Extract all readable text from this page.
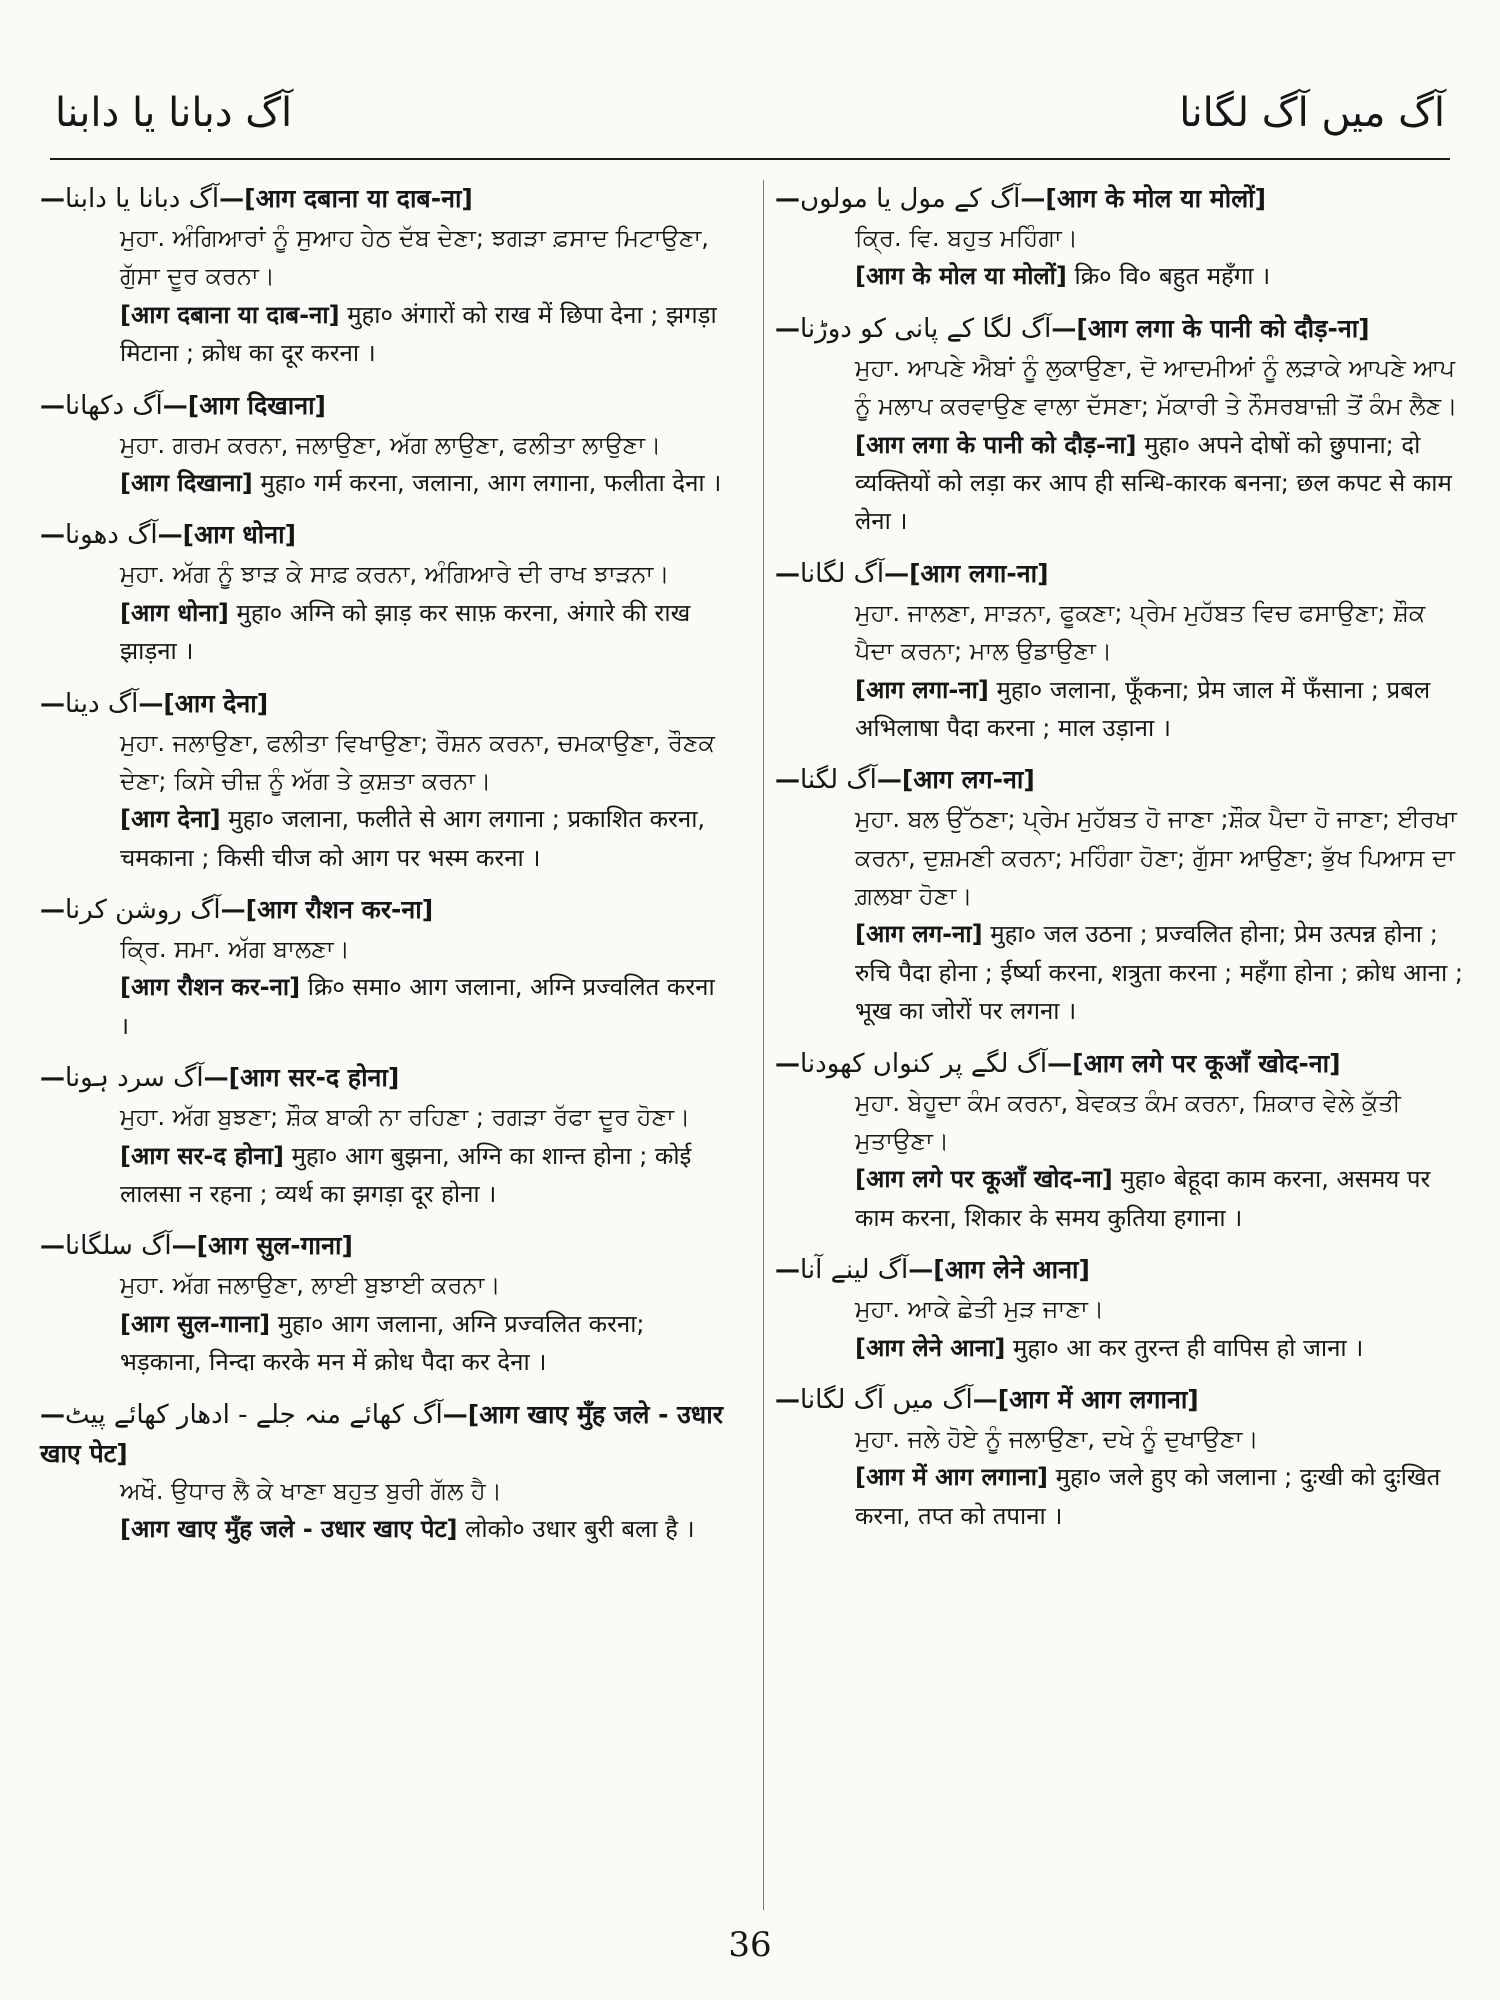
آگ دبانا یا دابنا	آگ میں آگ لگانا
—آگ دبانا یا دابنا—[आग दबाना या दाब-ना]
ਮੁਹਾ. ਅੰਗਿਆਰਾਂ ਨੂੰ ਸੁਆਹ ਹੇਠ ਦੱਬ ਦੇਣਾ; ਝਗੜਾ ਫ਼ਸਾਦ ਮਿਟਾਉਣਾ, ਗੁੱਸਾ ਦੂਰ ਕਰਨਾ।
[आग दबाना या दाब-ना] मुहा० अंगारों को राख में छिपा देना ; झगड़ा मिटाना ; क्रोध का दूर करना ।
—آگ دکھانا—[आग दिखाना]
ਮੁਹਾ. ਗਰਮ ਕਰਨਾ, ਜਲਾਉਣਾ, ਅੱਗ ਲਾਉਣਾ, ਫਲੀਤਾ ਲਾਉਣਾ।
[आग दिखाना] मुहा० गर्म करना, जलाना, आग लगाना, फलीता देना ।
—آگ دھونا—[आग धोना]
ਮੁਹਾ. ਅੱਗ ਨੂੰ ਝਾੜ ਕੇ ਸਾਫ਼ ਕਰਨਾ, ਅੰਗਿਆਰੇ ਦੀ ਰਾਖ ਝਾੜਨਾ।
[आग धोना] मुहा० अग्नि को झाड़ कर साफ़ करना, अंगारे की राख झाड़ना ।
—آگ دینا—[आग देना]
ਮੁਹਾ. ਜਲਾਉਣਾ, ਫਲੀਤਾ ਵਿਖਾਉਣਾ; ਰੌਸ਼ਨ ਕਰਨਾ, ਚਮਕਾਉਣਾ, ਰੌਣਕ ਦੇਣਾ; ਕਿਸੇ ਚੀਜ਼ ਨੂੰ ਅੱਗ ਤੇ ਕੁਸ਼ਤਾ ਕਰਨਾ।
[आग देना] मुहा० जलाना, फलीते से आग लगाना ; प्रकाशित करना, चमकाना ; किसी चीज को आग पर भस्म करना ।
—آگ روشن کرنا—[आग रौशन कर-ना]
ਕ੍ਰਿ. ਸਮਾ. ਅੱਗ ਬਾਲਣਾ।
[आग रौशन कर-ना] क्रि० समा० आग जलाना, अग्नि प्रज्वलित करना ।
—آگ سرد ہونا—[आग सर-द होना]
ਮੁਹਾ. ਅੱਗ ਬੁਝਣਾ; ਸ਼ੌਕ ਬਾਕੀ ਨਾ ਰਹਿਣਾ ; ਰਗੜਾ ਰੱਫਾ ਦੂਰ ਹੋਣਾ।
[आग सर-द होना] मुहा० आग बुझना, अग्नि का शान्त होना ; कोई लालसा न रहना ; व्यर्थ का झगड़ा दूर होना ।
—آگ سلگانا—[आग सुल-गाना]
ਮੁਹਾ. ਅੱਗ ਜਲਾਉਣਾ, ਲਾਈ ਬੁਝਾਈ ਕਰਨਾ।
[आग सुल-गाना] मुहा० आग जलाना, अग्नि प्रज्वलित करना; भड़काना, निन्दा करके मन में क्रोध पैदा कर देना ।
—آگ کھائے منہ جلے - ادھار کھائے پیٹ—[आग खाए मुँह जले - उधार खाए पेट]
ਅਖੌ. ਉਧਾਰ ਲੈ ਕੇ ਖਾਣਾ ਬਹੁਤ ਬੁਰੀ ਗੱਲ ਹੈ।
[आग खाए मुँह जले - उधार खाए पेट] लोको० उधार बुरी बला है ।
—آگ کے مول یا مولوں—[आग के मोल या मोलों]
ਕ੍ਰਿ. ਵਿ. ਬਹੁਤ ਮਹਿੰਗਾ।
[आग के मोल या मोलों] क्रि० वि० बहुत महँगा ।
—آگ لگا کے پانی کو دوڑنا—[आग लगा के पानी को दौड़-ना]
ਮੁਹਾ. ਆਪਣੇ ਐਬਾਂ ਨੂੰ ਲੁਕਾਉਣਾ, ਦੋ ਆਦਮੀਆਂ ਨੂੰ ਲੜਾਕੇ ਆਪਣੇ ਆਪ ਨੂੰ ਮਲਾਪ ਕਰਵਾਉਣ ਵਾਲਾ ਦੱਸਣਾ; ਮੱਕਾਰੀ ਤੇ ਨੌਸਰਬਾਜ਼ੀ ਤੋਂ ਕੰਮ ਲੈਣ।
[आग लगा के पानी को दौड़-ना] मुहा० अपने दोषों को छुपाना; दो व्यक्तियों को लड़ा कर आप ही सन्धि-कारक बनना; छल कपट से काम लेना ।
—آگ لگانا—[आग लगा-ना]
ਮੁਹਾ. ਜਾਲਣਾ, ਸਾੜਨਾ, ਫੂਕਣਾ; ਪ੍ਰੇਮ ਮੁਹੱਬਤ ਵਿਚ ਫਸਾਉਣਾ; ਸ਼ੌਕ ਪੈਦਾ ਕਰਨਾ; ਮਾਲ ਉਡਾਉਣਾ।
[आग लगा-ना] मुहा० जलाना, फूँकना; प्रेम जाल में फँसाना ; प्रबल अभिलाषा पैदा करना ; माल उड़ाना ।
—آگ لگنا—[आग लग-ना]
ਮੁਹਾ. ਬਲ ਉੱਠਣਾ; ਪ੍ਰੇਮ ਮੁਹੱਬਤ ਹੋ ਜਾਣਾ ;ਸ਼ੌਕ ਪੈਦਾ ਹੋ ਜਾਣਾ; ਈਰਖਾ ਕਰਨਾ, ਦੁਸ਼ਮਣੀ ਕਰਨਾ; ਮਹਿੰਗਾ ਹੋਣਾ; ਗੁੱਸਾ ਆਉਣਾ; ਭੁੱਖ ਪਿਆਸ ਦਾ ਗ਼ਲਬਾ ਹੋਣਾ।
[आग लग-ना] मुहा० जल उठना ; प्रज्वलित होना; प्रेम उत्पन्न होना ; रुचि पैदा होना ; ईर्ष्या करना, शत्रुता करना ; महँगा होना ; क्रोध आना ; भूख का जोरों पर लगना ।
—آگ لگے پر کنواں کھودنا—[आग लगे पर कूआँ खोद-ना]
ਮੁਹਾ. ਬੇਹੂਦਾ ਕੰਮ ਕਰਨਾ, ਬੇਵਕਤ ਕੰਮ ਕਰਨਾ, ਸ਼ਿਕਾਰ ਵੇਲੇ ਕੁੱਤੀ ਮੁਤਾਉਣਾ।
[आग लगे पर कूआँ खोद-ना] मुहा० बेहूदा काम करना, असमय पर काम करना, शिकार के समय कुतिया हगाना ।
—آگ لینے آنا—[आग लेने आना]
ਮੁਹਾ. ਆਕੇ ਛੇਤੀ ਮੁੜ ਜਾਣਾ।
[आग लेने आना] मुहा० आ कर तुरन्त ही वापिस हो जाना ।
—آگ میں آگ لگانا—[आग में आग लगाना]
ਮੁਹਾ. ਜਲੇ ਹੋਏ ਨੂੰ ਜਲਾਉਣਾ, ਦਖੇ ਨੂੰ ਦੁਖਾਉਣਾ।
[आग में आग लगाना] मुहा० जले हुए को जलाना ; दुःखी को दुःखित करना, तप्त को तपाना ।
36
